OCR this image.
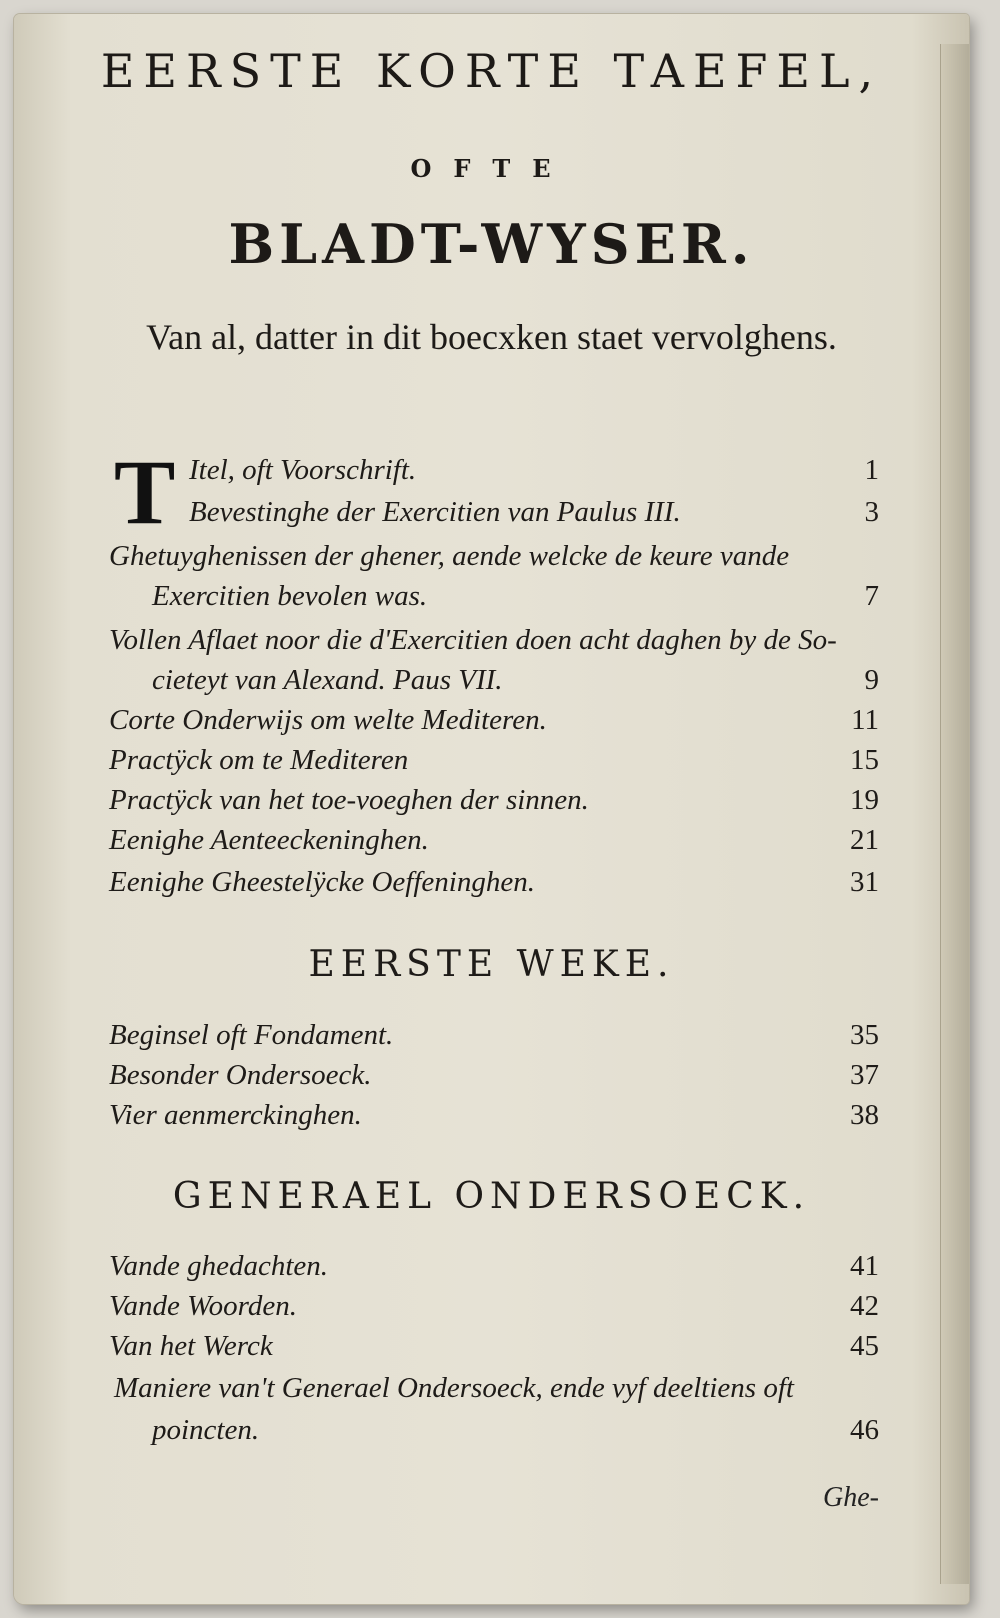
EERSTE KORTE TAEFEL,
OFTE
BLADT-WYSER.
Van al, datter in dit boecxken staet vervolghens.
T Itel, oft Voorschrift.	1
Bevestinghe der Exercitien van Paulus III.	3
Ghetuyghenissen der ghener, aende welcke de keure vande
Exercitien bevolen was.	7
Vollen Aflaet noor die d'Exercitien doen acht daghen by de So-
cieteyt van Alexand. Paus VII.	9
Corte Onderwijs om welte Mediteren.	11
Practÿck om te Mediteren	15
Practÿck van het toe-voeghen der sinnen.	19
Eenighe Aenteeckeninghen.	21
Eenighe Gheestelÿcke Oeffeninghen.	31
EERSTE WEKE.
Beginsel oft Fondament.	35
Besonder Ondersoeck.	37
Vier aenmerckinghen.	38
GENERAEL ONDERSOECK.
Vande ghedachten.	41
Vande Woorden.	42
Van het Werck	45
Maniere van't Generael Ondersoeck, ende vyf deeltiens oft
poincten.	46
Ghe-
